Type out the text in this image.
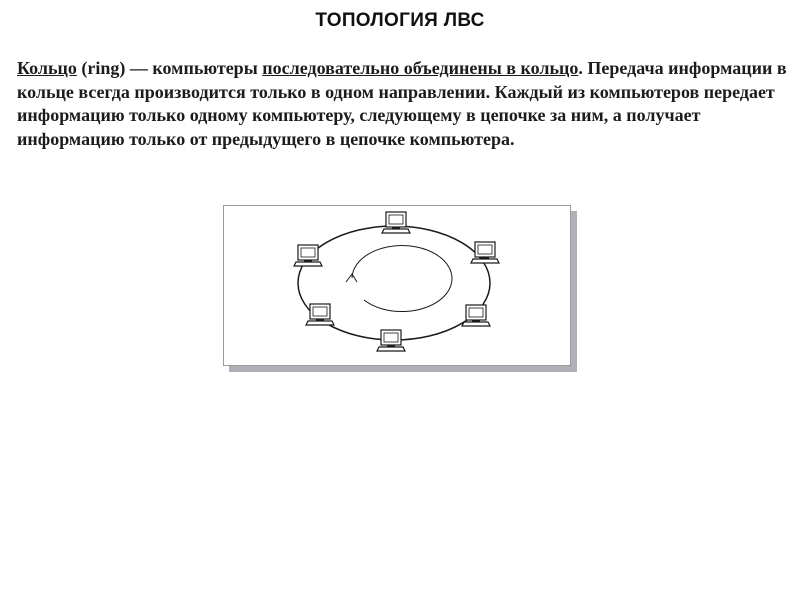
ТОПОЛОГИЯ ЛВС
Кольцо (ring) — компьютеры последовательно объединены в кольцо. Передача информации в кольце всегда производится только в одном направлении. Каждый из компьютеров передает информацию только одному компьютеру, следующему в цепочке за ним, а получает информацию только от предыдущего в цепочке компьютера.
